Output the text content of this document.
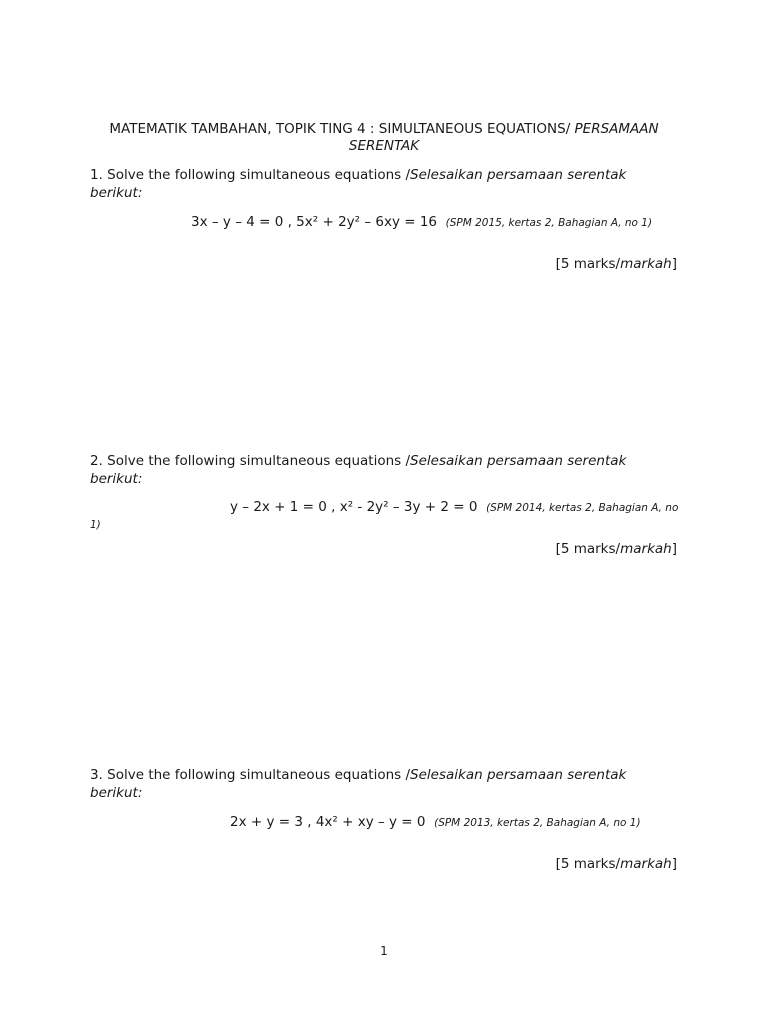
MATEMATIK TAMBAHAN, TOPIK TING 4 : SIMULTANEOUS EQUATIONS/ PERSAMAAN SERENTAK
1. Solve the following simultaneous equations /Selesaikan persamaan serentak berikut:
3x – y – 4 = 0 , 5x² + 2y² – 6xy = 16 (SPM 2015, kertas 2, Bahagian A, no 1)
[5 marks/markah]
2. Solve the following simultaneous equations /Selesaikan persamaan serentak berikut:
y – 2x + 1 = 0 , x² - 2y² – 3y + 2 = 0 (SPM 2014, kertas 2, Bahagian A, no 1)
[5 marks/markah]
3. Solve the following simultaneous equations /Selesaikan persamaan serentak berikut:
2x + y = 3 , 4x² + xy – y = 0 (SPM 2013, kertas 2, Bahagian A, no 1)
[5 marks/markah]
1
